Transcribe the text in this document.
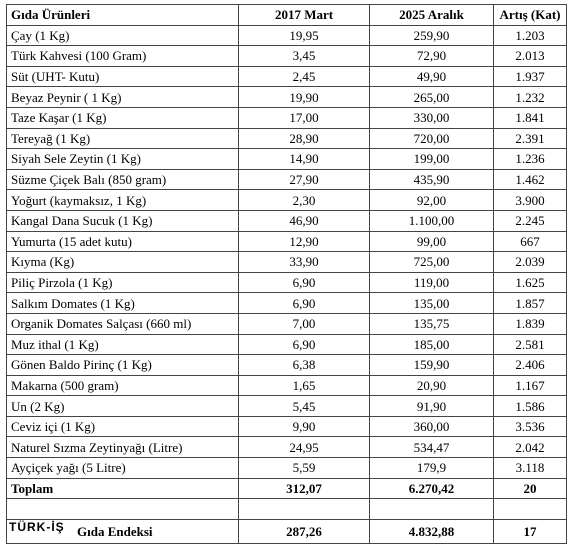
Gıda Ürünleri	2017 Mart	2025 Aralık	Artış (Kat)
Çay (1 Kg)	19,95	259,90	1.203
Türk Kahvesi (100 Gram)	3,45	72,90	2.013
Süt (UHT- Kutu)	2,45	49,90	1.937
Beyaz Peynir ( 1 Kg)	19,90	265,00	1.232
Taze Kaşar (1 Kg)	17,00	330,00	1.841
Tereyağ (1 Kg)	28,90	720,00	2.391
Siyah Sele Zeytin (1 Kg)	14,90	199,00	1.236
Süzme Çiçek Balı (850 gram)	27,90	435,90	1.462
Yoğurt (kaymaksız, 1 Kg)	2,30	92,00	3.900
Kangal Dana Sucuk (1 Kg)	46,90	1.100,00	2.245
Yumurta (15 adet kutu)	12,90	99,00	667
Kıyma (Kg)	33,90	725,00	2.039
Piliç Pirzola (1 Kg)	6,90	119,00	1.625
Salkım Domates (1 Kg)	6,90	135,00	1.857
Organik Domates Salçası (660 ml)	7,00	135,75	1.839
Muz ithal (1 Kg)	6,90	185,00	2.581
Gönen Baldo Pirinç (1 Kg)	6,38	159,90	2.406
Makarna (500 gram)	1,65	20,90	1.167
Un (2 Kg)	5,45	91,90	1.586
Ceviz içi (1 Kg)	9,90	360,00	3.536
Naturel Sızma Zeytinyağı (Litre)	24,95	534,47	2.042
Ayçiçek yağı (5 Litre)	5,59	179,9	3.118
Toplam	312,07	6.270,42	20

TÜRK-İŞ Gıda Endeksi	287,26	4.832,88	17
